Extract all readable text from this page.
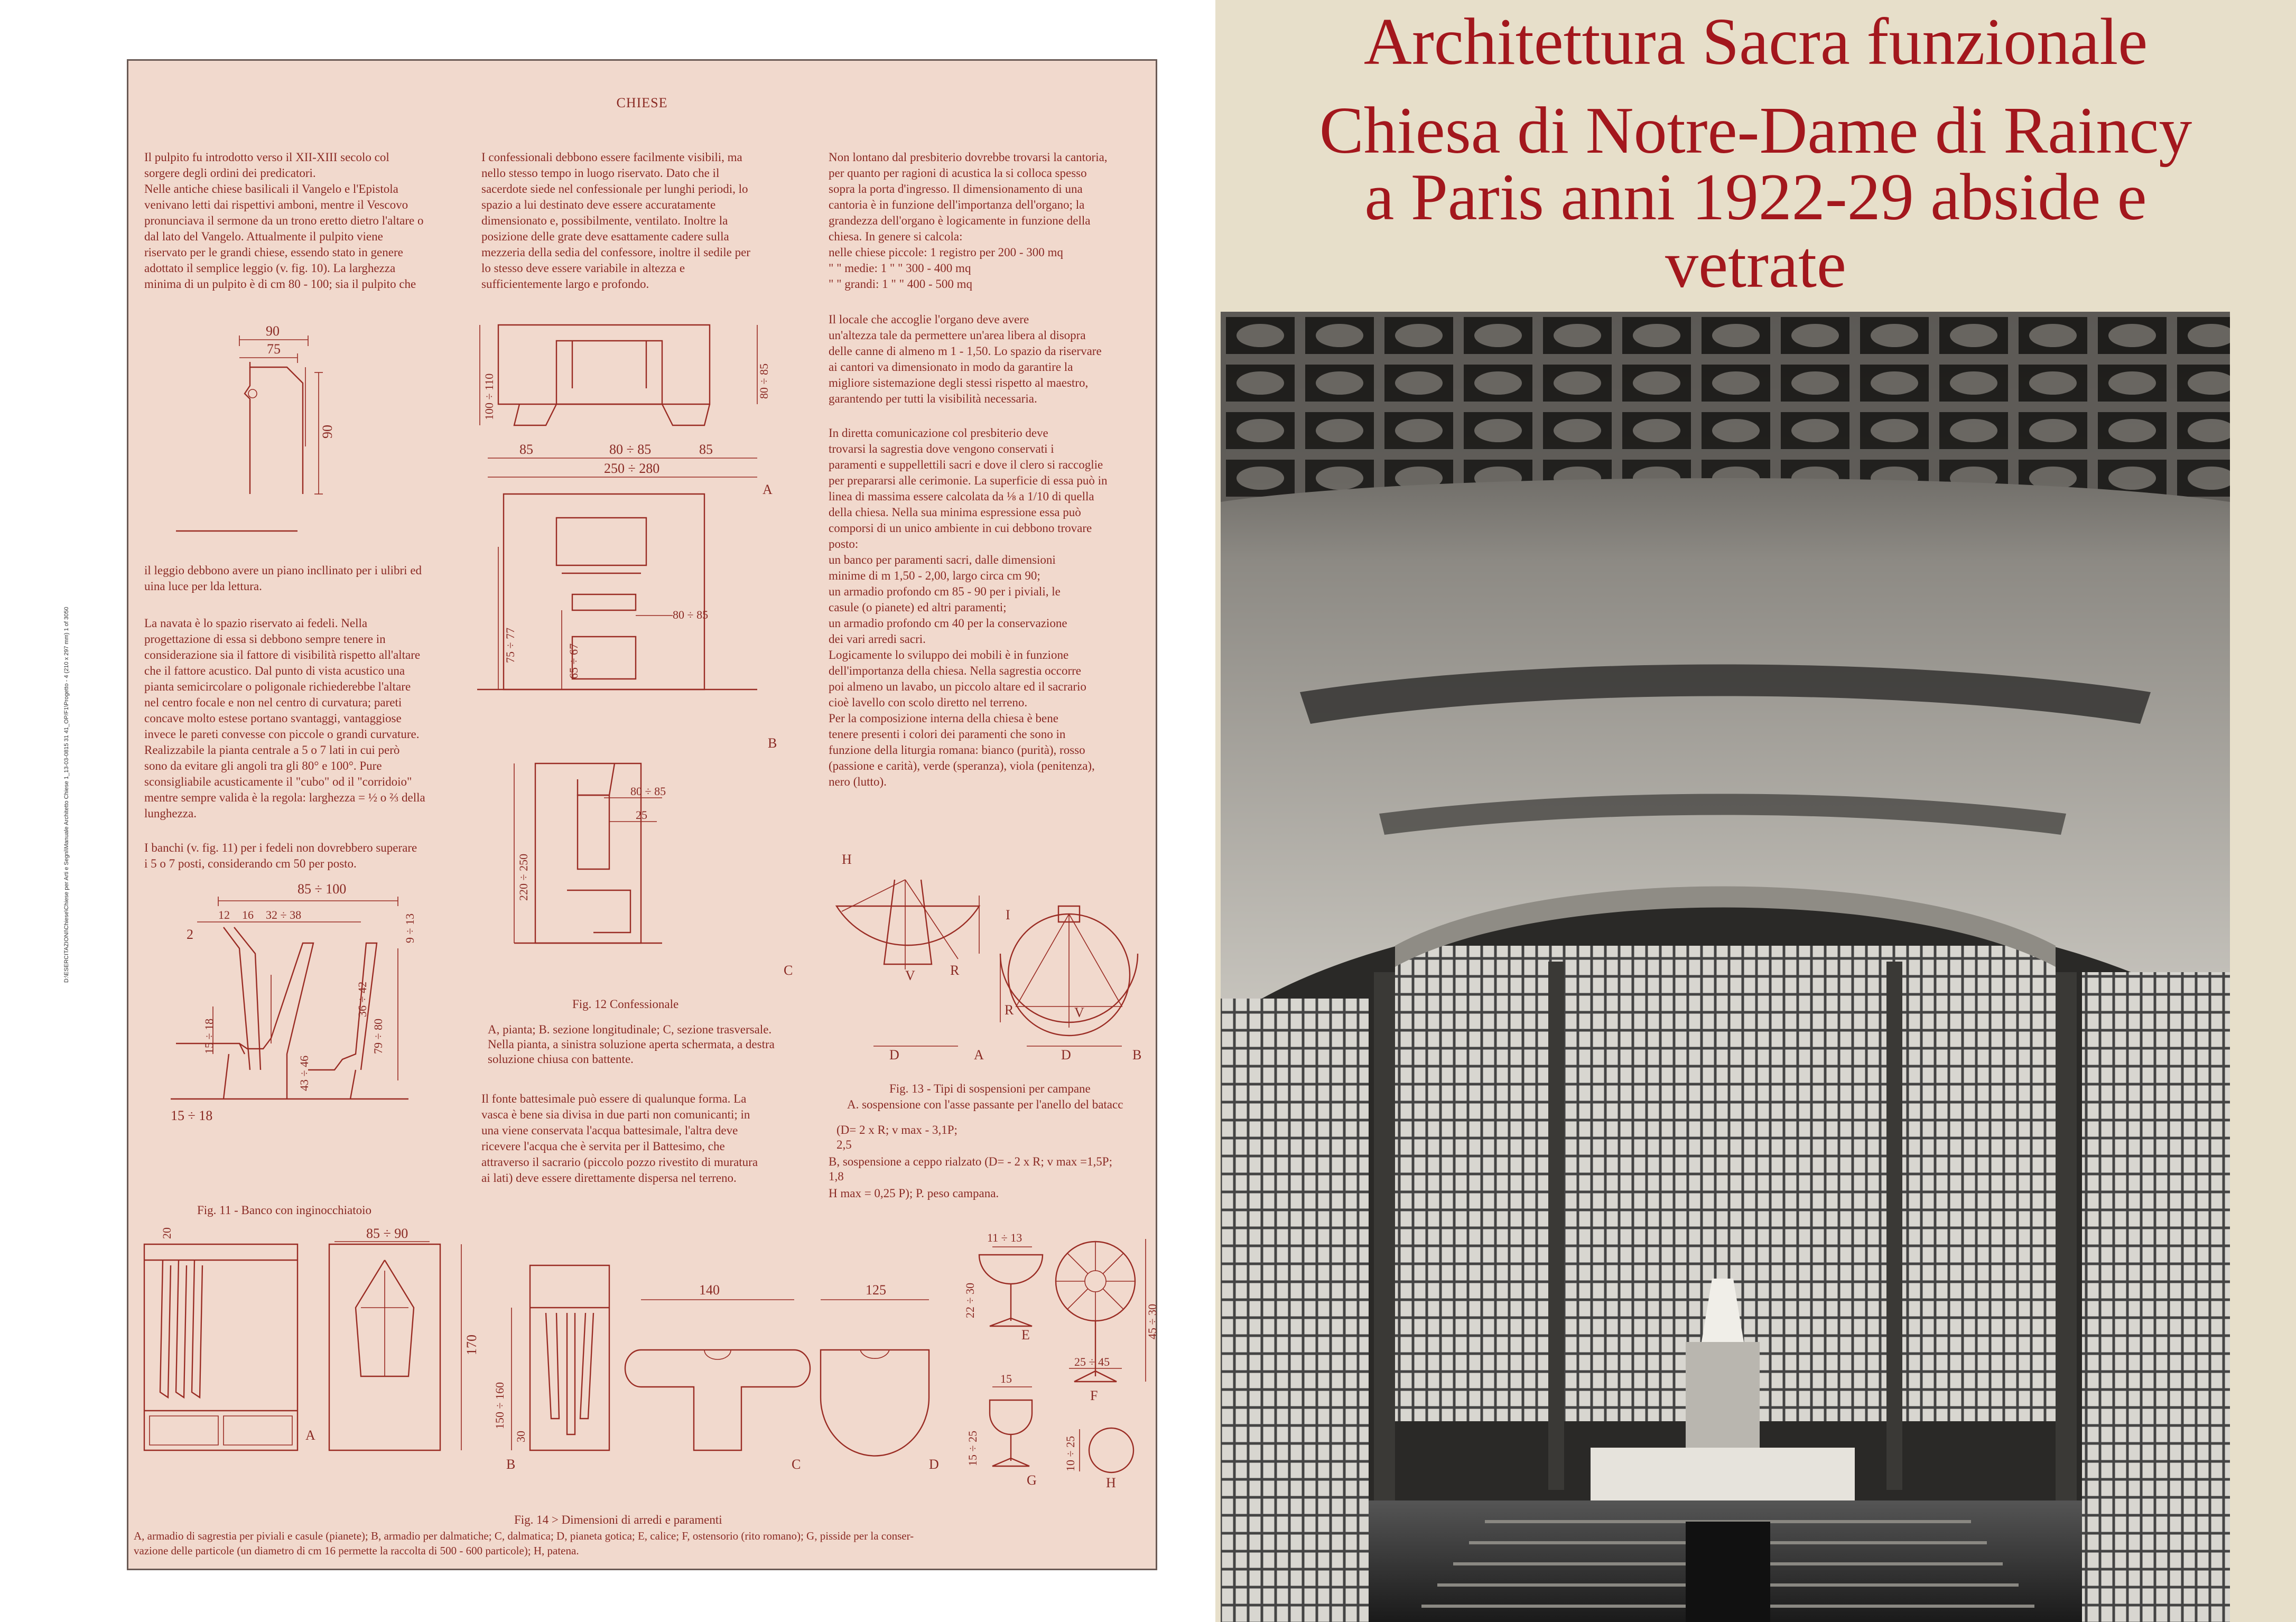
CHIESE
Il pulpito fu introdotto verso il XII-XIII secolo col
sorgere degli ordini dei predicatori.
Nelle antiche chiese basilicali il Vangelo e l'Epistola
venivano letti dai rispettivi amboni, mentre il Vescovo
pronunciava il sermone da un trono eretto dietro l'altare o
dal lato del Vangelo. Attualmente il pulpito viene
riservato per le grandi chiese, essendo stato in genere
adottato il semplice leggio (v. fig. 10). La larghezza
minima di un pulpito è di cm 80 - 100; sia il pulpito che
90
75
90
il leggio debbono avere un piano incllinato per i ulibri ed
uina luce per lda lettura.
La navata è lo spazio riservato ai fedeli. Nella
progettazione di essa si debbono sempre tenere in
considerazione sia il fattore di visibilità rispetto all'altare
che il fattore acustico. Dal punto di vista acustico una
pianta semicircolare o poligonale richiederebbe l'altare
nel centro focale e non nel centro di curvatura; pareti
concave molto estese portano svantaggi, vantaggiose
invece le pareti convesse con piccole o grandi curvature.
Realizzabile la pianta centrale a 5 o 7 lati in cui però
sono da evitare gli angoli tra gli 80° e 100°. Pure
sconsigliabile acusticamente il "cubo" od il "corridoio"
mentre sempre valida è la regola: larghezza = ½ o ⅔ della
lunghezza.
I banchi (v. fig. 11) per i fedeli non dovrebbero superare
i 5 o 7 posti, considerando cm 50 per posto.
85 ÷ 100
12 16 32 ÷ 38
2	9 ÷ 13
36 ÷ 42
15 ÷ 18	79 ÷ 80
43 ÷ 46
15 ÷ 18
Fig. 11 - Banco con inginocchiatoio
I confessionali debbono essere facilmente visibili, ma
nello stesso tempo in luogo riservato. Dato che il
sacerdote siede nel confessionale per lunghi periodi, lo
spazio a lui destinato deve essere accuratamente
dimensionato e, possibilmente, ventilato. Inoltre la
posizione delle grate deve esattamente cadere sulla
mezzeria della sedia del confessore, inoltre il sedile per
lo stesso deve essere variabile in altezza e
sufficientemente largo e profondo.
100 ÷ 110	80 ÷ 85
85	80 ÷ 85	85
250 ÷ 280
A
75 ÷ 77	65 ÷ 67
80 ÷ 85
B
80 ÷ 85
25
220 ÷ 250
C
Fig. 12 Confessionale
A, pianta; B. sezione longitudinale; C, sezione trasversale.
Nella pianta, a sinistra soluzione aperta schermata, a destra
soluzione chiusa con battente.
Il fonte battesimale può essere di qualunque forma. La
vasca è bene sia divisa in due parti non comunicanti; in
una viene conservata l'acqua battesimale, l'altra deve
ricevere l'acqua che è servita per il Battesimo, che
attraverso il sacrario (piccolo pozzo rivestito di muratura
ai lati) deve essere direttamente dispersa nel terreno.
Non lontano dal presbiterio dovrebbe trovarsi la cantoria,
per quanto per ragioni di acustica la si colloca spesso
sopra la porta d'ingresso. Il dimensionamento di una
cantoria è in funzione dell'importanza dell'organo; la
grandezza dell'organo è logicamente in funzione della
chiesa. In genere si calcola:
nelle chiese piccole: 1 registro per 200 - 300 mq
" " medie: 1 " " 300 - 400 mq
" " grandi: 1 " " 400 - 500 mq
Il locale che accoglie l'organo deve avere
un'altezza tale da permettere un'area libera al disopra
delle canne di almeno m 1 - 1,50. Lo spazio da riservare
ai cantori va dimensionato in modo da garantire la
migliore sistemazione degli stessi rispetto al maestro,
garantendo per tutti la visibilità necessaria.
In diretta comunicazione col presbiterio deve
trovarsi la sagrestia dove vengono conservati i
paramenti e suppellettili sacri e dove il clero si raccoglie
per prepararsi alle cerimonie. La superficie di essa può in
linea di massima essere calcolata da ⅛ a 1/10 di quella
della chiesa. Nella sua minima espressione essa può
comporsi di un unico ambiente in cui debbono trovare
posto:
un banco per paramenti sacri, dalle dimensioni
minime di m 1,50 - 2,00, largo circa cm 90;
un armadio profondo cm 85 - 90 per i piviali, le
casule (o pianete) ed altri paramenti;
un armadio profondo cm 40 per la conservazione
dei vari arredi sacri.
Logicamente lo sviluppo dei mobili è in funzione
dell'importanza della chiesa. Nella sagrestia occorre
poi almeno un lavabo, un piccolo altare ed il sacrario
cioè lavello con scolo diretto nel terreno.
Per la composizione interna della chiesa è bene
tenere presenti i colori dei paramenti che sono in
funzione della liturgia romana: bianco (purità), rosso
(passione e carità), verde (speranza), viola (penitenza),
nero (lutto).
H
V	R
D	A
I
R	V
D	B
Fig. 13 - Tipi di sospensioni per campane
A. sospensione con l'asse passante per l'anello del batacc
(D= 2 x R; v max - 3,1P;
2,5
B, sospensione a ceppo rialzato (D= - 2 x R; v max =1,5P;
1,8
H max = 0,25 P); P. peso campana.
20
A
85 ÷ 90
170
150 ÷ 160
30
B
140
C
125
D
11 ÷ 13
22 ÷ 30
E	45 ÷ 30
25 ÷ 45
F
15
15 ÷ 25
G
10 ÷ 25
H
Fig. 14 > Dimensioni di arredi e paramenti
A, armadio di sagrestia per piviali e casule (pianete); B, armadio per dalmatiche; C, dalmatica; D, pianeta gotica; E, calice; F, ostensorio (rito romano); G, pisside per la conser-
vazione delle particole (un diametro di cm 16 permette la raccolta di 500 - 600 particole); H, patena.
D:\ESERCITAZIONI\Chiese\Chiese per Arti e Segni\Manuale Architetto Chiese 1_13-03-0815 31 41_OP/F1\Progetto - 4 (210 x 297 mm) 1 of 3050
Architettura Sacra funzionale
Chiesa di Notre-Dame di Raincy
a Paris anni 1922-29 abside e
vetrate
